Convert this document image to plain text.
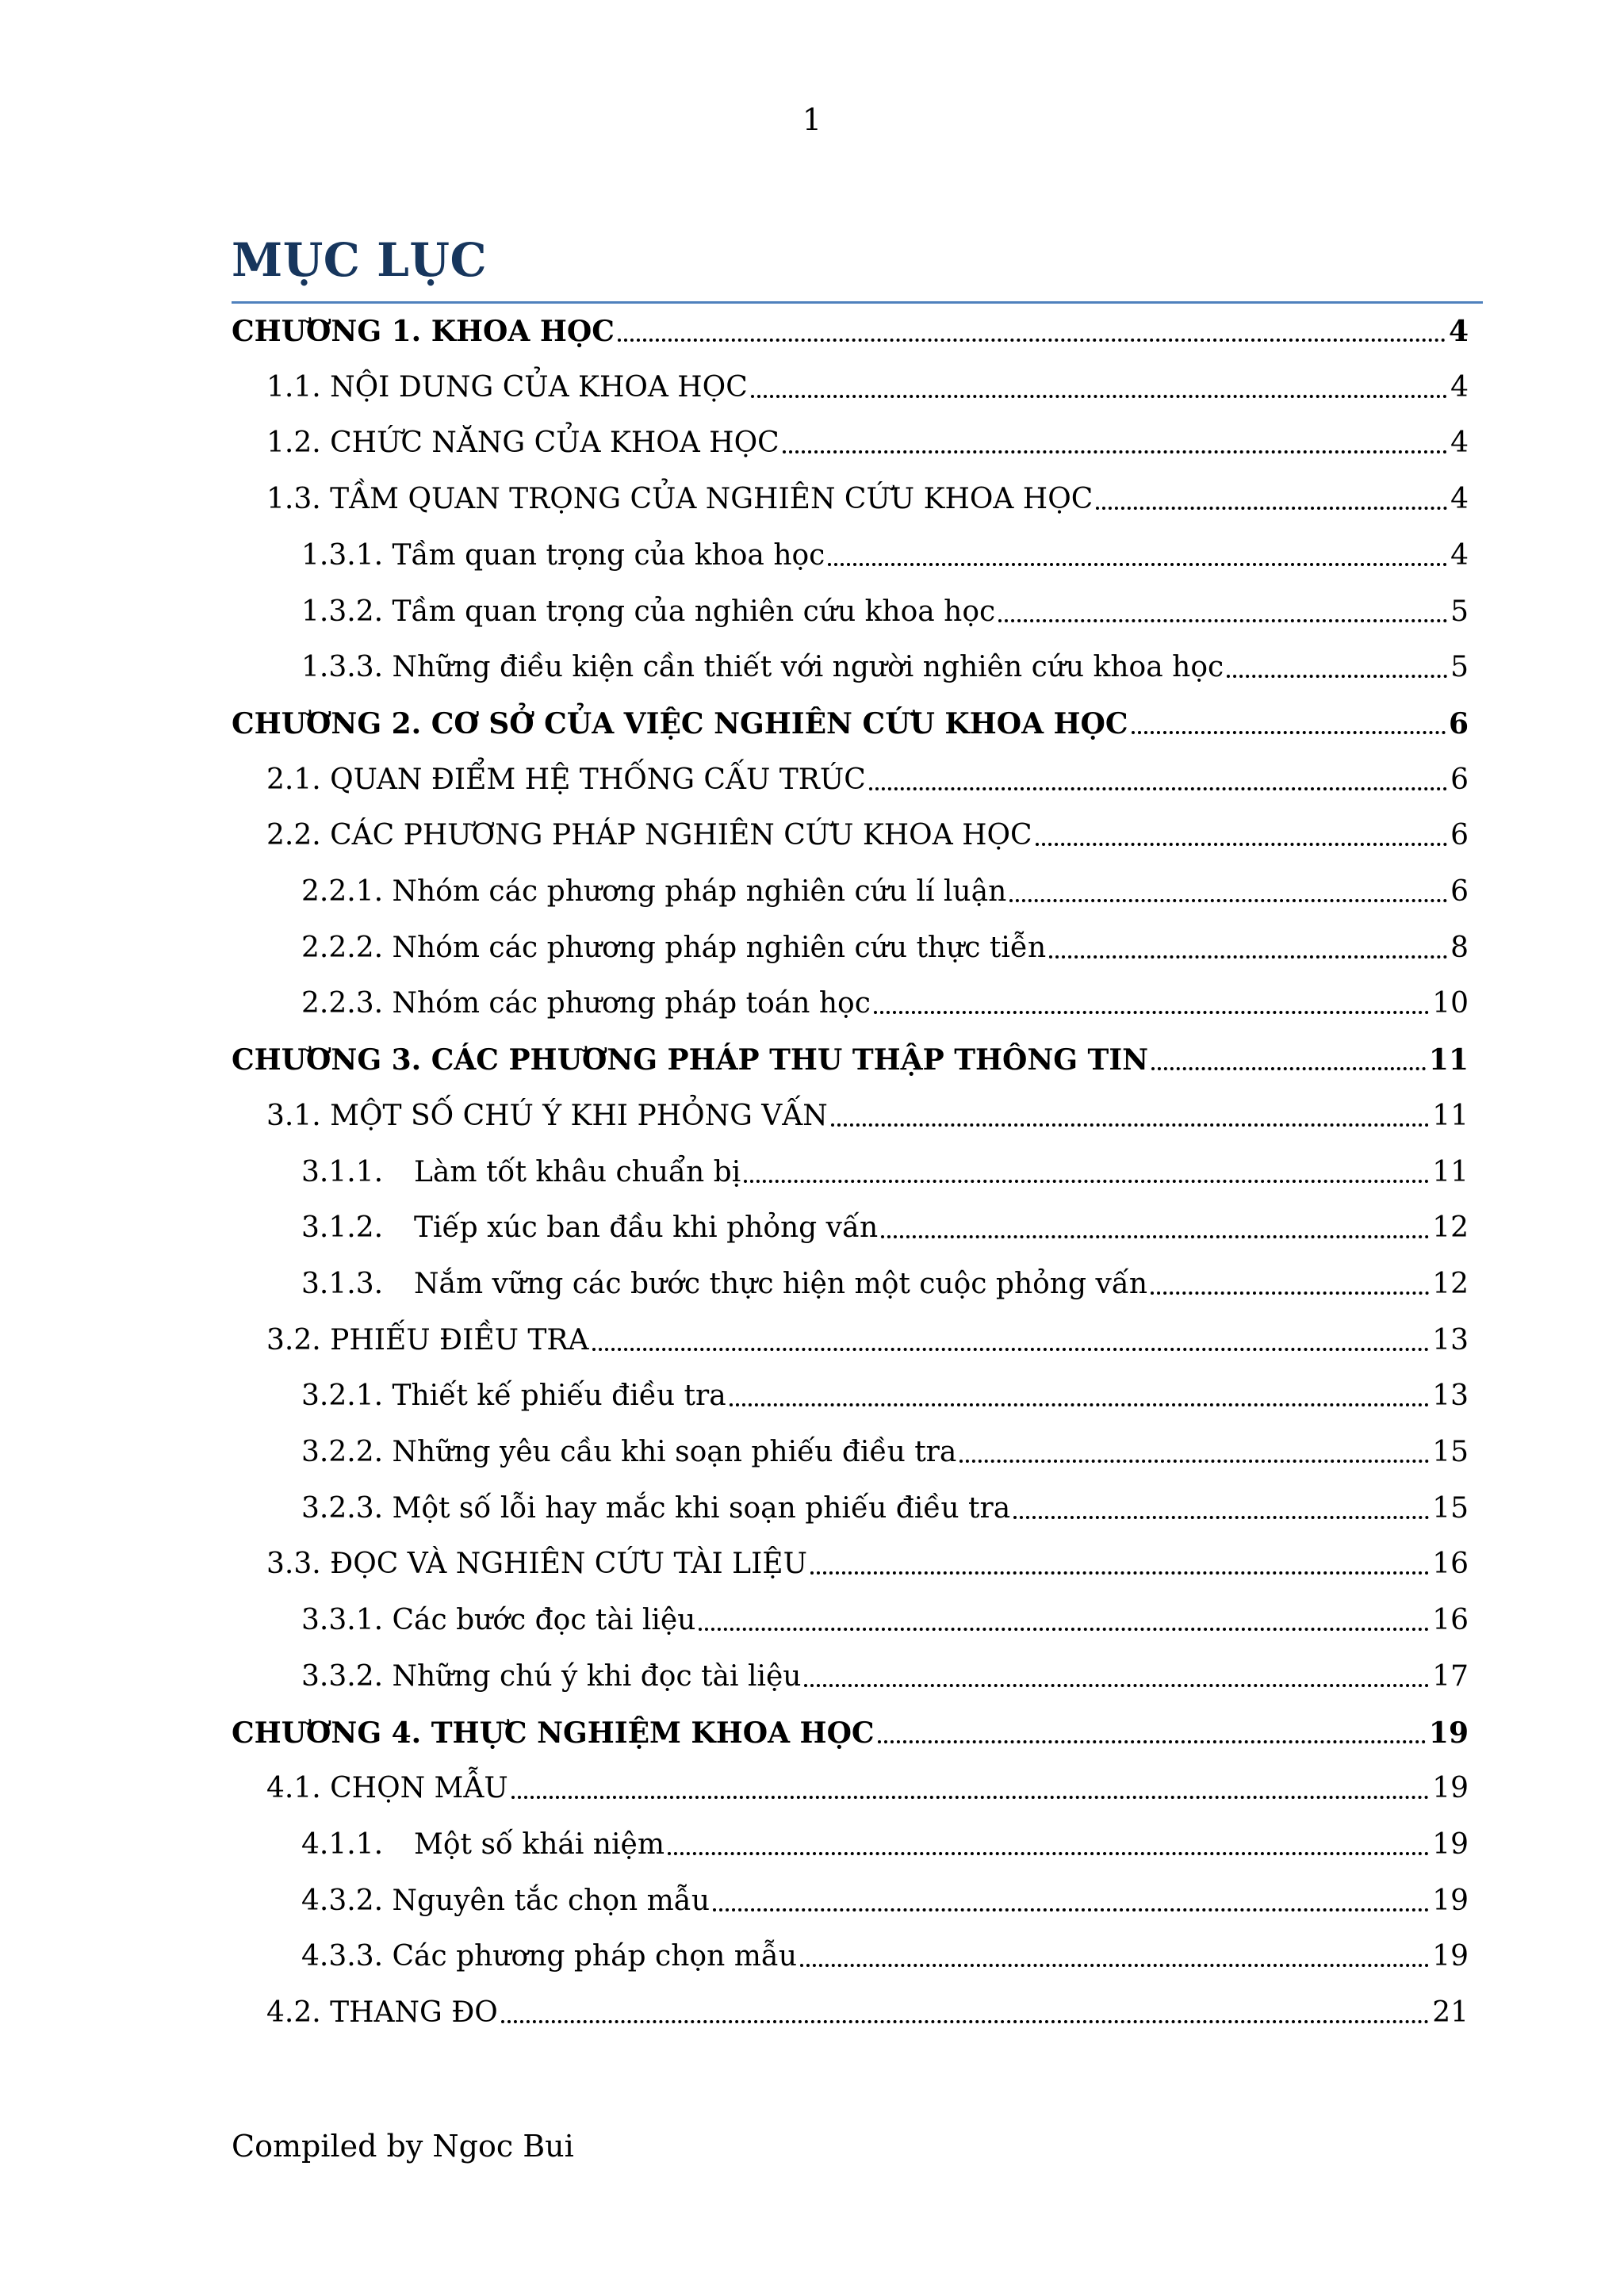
1
MỤC LỤC
CHƯƠNG 1. KHOA HỌC	4
1.1. NỘI DUNG CỦA KHOA HỌC	4
1.2. CHỨC NĂNG CỦA KHOA HỌC	4
1.3. TẦM QUAN TRỌNG CỦA NGHIÊN CỨU KHOA HỌC	4
1.3.1. Tầm quan trọng của khoa học	4
1.3.2. Tầm quan trọng của nghiên cứu khoa học	5
1.3.3. Những điều kiện cần thiết với người nghiên cứu khoa học	5
CHƯƠNG 2. CƠ SỞ CỦA VIỆC NGHIÊN CỨU KHOA HỌC	6
2.1. QUAN ĐIỂM HỆ THỐNG CẤU TRÚC	6
2.2. CÁC PHƯƠNG PHÁP NGHIÊN CỨU KHOA HỌC	6
2.2.1. Nhóm các phương pháp nghiên cứu lí luận	6
2.2.2. Nhóm các phương pháp nghiên cứu thực tiễn	8
2.2.3. Nhóm các phương pháp toán học	10
CHƯƠNG 3. CÁC PHƯƠNG PHÁP THU THẬP THÔNG TIN	11
3.1. MỘT SỐ CHÚ Ý KHI PHỎNG VẤN	11
3.1.1.	Làm tốt khâu chuẩn bị	11
3.1.2.	Tiếp xúc ban đầu khi phỏng vấn	12
3.1.3.	Nắm vững các bước thực hiện một cuộc phỏng vấn	12
3.2. PHIẾU ĐIỀU TRA	13
3.2.1. Thiết kế phiếu điều tra	13
3.2.2. Những yêu cầu khi soạn phiếu điều tra	15
3.2.3. Một số lỗi hay mắc khi soạn phiếu điều tra	15
3.3. ĐỌC VÀ NGHIÊN CỨU TÀI LIỆU	16
3.3.1. Các bước đọc tài liệu	16
3.3.2. Những chú ý khi đọc tài liệu	17
CHƯƠNG 4. THỰC NGHIỆM KHOA HỌC	19
4.1. CHỌN MẪU	19
4.1.1.	Một số khái niệm	19
4.3.2. Nguyên tắc chọn mẫu	19
4.3.3. Các phương pháp chọn mẫu	19
4.2. THANG ĐO	21
Compiled by Ngoc Bui
